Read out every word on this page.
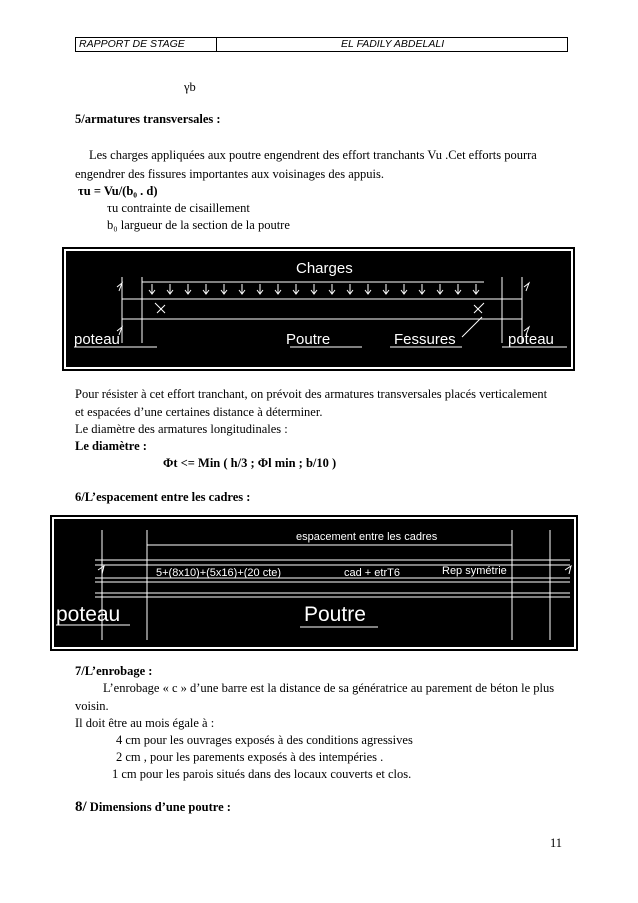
RAPPORT DE STAGE	EL FADILY ABDELALI
γb
5/armatures transversales :
Les charges appliquées aux poutre engendrent des effort tranchants Vu .Cet efforts pourra
engendrer des fissures importantes aux voisinages des appuis.
τu = Vu/(b₀ . d)
τu contrainte de cisaillement
b₀ largueur de la section de la poutre
Charges
poteau	Poutre	Fessures	poteau
Pour résister à cet effort tranchant, on prévoit des armatures transversales placés verticalement
et espacées d’une certaines distance à déterminer.
Le diamètre des armatures longitudinales :
Le diamètre :
Φt <= Min ( h/3 ; Φl min ; b/10 )
6/L’espacement entre les cadres :
espacement entre les cadres
5+(8x10)+(5x16)+(20 cte)	cad + etrT6	Rep symétrie
poteau	Poutre
7/L’enrobage :
L’enrobage « c » d’une barre est la distance de sa génératrice au parement de béton le plus
voisin.
Il doit être au mois égale à :
4 cm pour les ouvrages exposés à des conditions agressives
2 cm , pour les parements exposés à des intempéries .
1 cm pour les parois situés dans des locaux couverts et clos.
8/ Dimensions d’une poutre :
11
